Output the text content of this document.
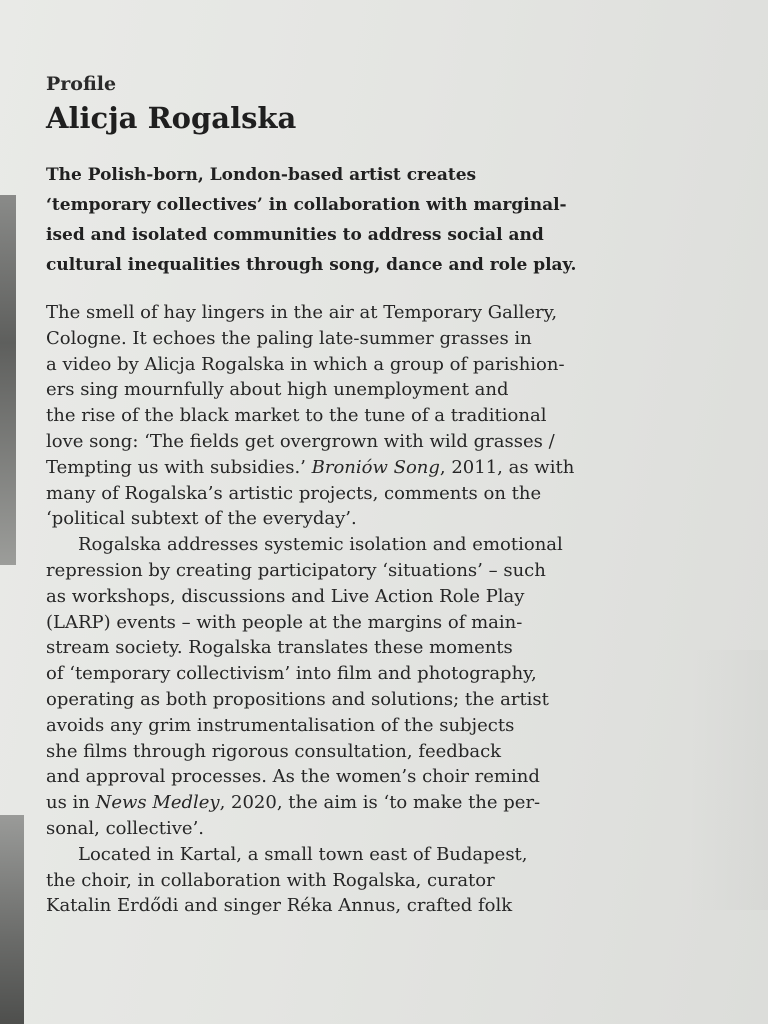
Profile

Alicja Rogalska

The Polish-born, London-based artist creates
‘temporary collectives’ in collaboration with marginal-
ised and isolated communities to address social and
cultural inequalities through song, dance and role play.

The smell of hay lingers in the air at Temporary Gallery,
Cologne. It echoes the paling late-summer grasses in
a video by Alicja Rogalska in which a group of parishion-
ers sing mournfully about high unemployment and
the rise of the black market to the tune of a traditional
love song: ‘The fields get overgrown with wild grasses /
Tempting us with subsidies.’ Broniów Song, 2011, as with
many of Rogalska’s artistic projects, comments on the
‘political subtext of the everyday’.
Rogalska addresses systemic isolation and emotional
repression by creating participatory ‘situations’ – such
as workshops, discussions and Live Action Role Play
(LARP) events – with people at the margins of main-
stream society. Rogalska translates these moments
of ‘temporary collectivism’ into film and photography,
operating as both propositions and solutions; the artist
avoids any grim instrumentalisation of the subjects
she films through rigorous consultation, feedback
and approval processes. As the women’s choir remind
us in News Medley, 2020, the aim is ‘to make the per-
sonal, collective’.
Located in Kartal, a small town east of Budapest,
the choir, in collaboration with Rogalska, curator
Katalin Erdődi and singer Réka Annus, crafted folk
